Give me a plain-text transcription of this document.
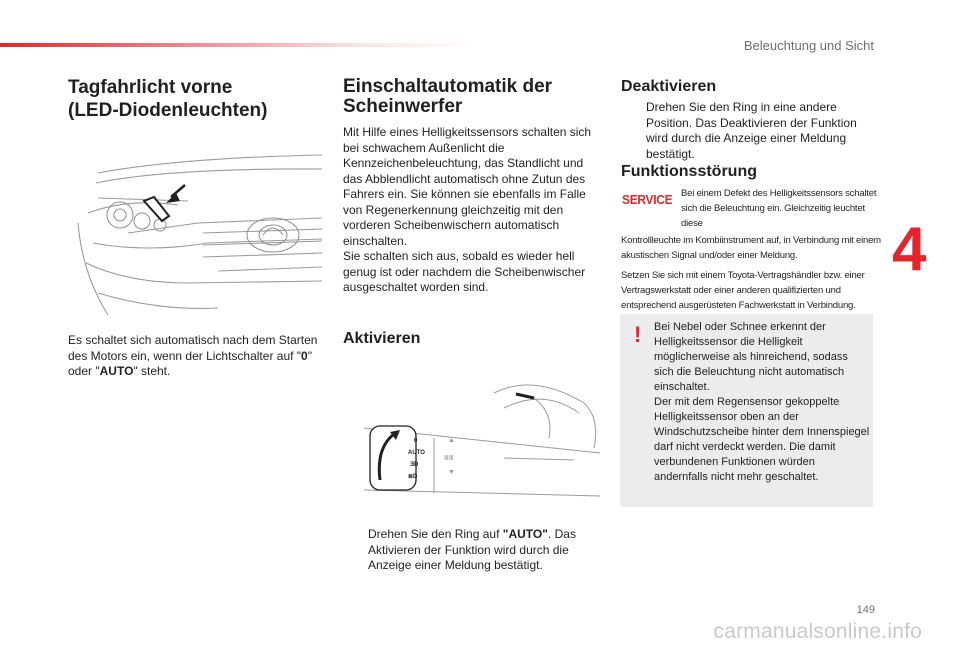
Beleuchtung und Sicht
4
Tagfahrlicht vorne
(LED-Diodenleuchten)
Es schaltet sich automatisch nach dem Starten des Motors ein, wenn der Lichtschalter auf "0" oder "AUTO" steht.
Einschaltautomatik der
Scheinwerfer
Mit Hilfe eines Helligkeitssensors schalten sich bei schwachem Außenlicht die Kennzeichenbeleuchtung, das Standlicht und das Abblendlicht automatisch ohne Zutun des Fahrers ein. Sie können sie ebenfalls im Falle von Regenerkennung gleichzeitig mit den vorderen Scheibenwischern automatisch einschalten.
Sie schalten sich aus, sobald es wieder hell genug ist oder nachdem die Scheibenwischer ausgeschaltet worden sind.
Aktivieren
0
AUTO
ƎD
≣D
▲
ⅢⅢ
▼
Drehen Sie den Ring auf "AUTO". Das Aktivieren der Funktion wird durch die Anzeige einer Meldung bestätigt.
Deaktivieren
Drehen Sie den Ring in eine andere Position. Das Deaktivieren der Funktion wird durch die Anzeige einer Meldung bestätigt.
Funktionsstörung
SERVICE Bei einem Defekt des Helligkeitssensors schaltet sich die Beleuchtung ein. Gleichzeitig leuchtet diese
Kontrollleuchte im Kombiinstrument auf, in Verbindung mit einem akustischen Signal und/oder einer Meldung.
Setzen Sie sich mit einem Toyota-Vertragshändler bzw. einer Vertragswerkstatt oder einer anderen qualifizierten und entsprechend ausgerüsteten Fachwerkstatt in Verbindung.
! Bei Nebel oder Schnee erkennt der Helligkeitssensor die Helligkeit möglicherweise als hinreichend, sodass sich die Beleuchtung nicht automatisch einschaltet.
Der mit dem Regensensor gekoppelte Helligkeitssensor oben an der Windschutzscheibe hinter dem Innenspiegel darf nicht verdeckt werden. Die damit verbundenen Funktionen würden andernfalls nicht mehr geschaltet.
149
carmanualsonline.info
